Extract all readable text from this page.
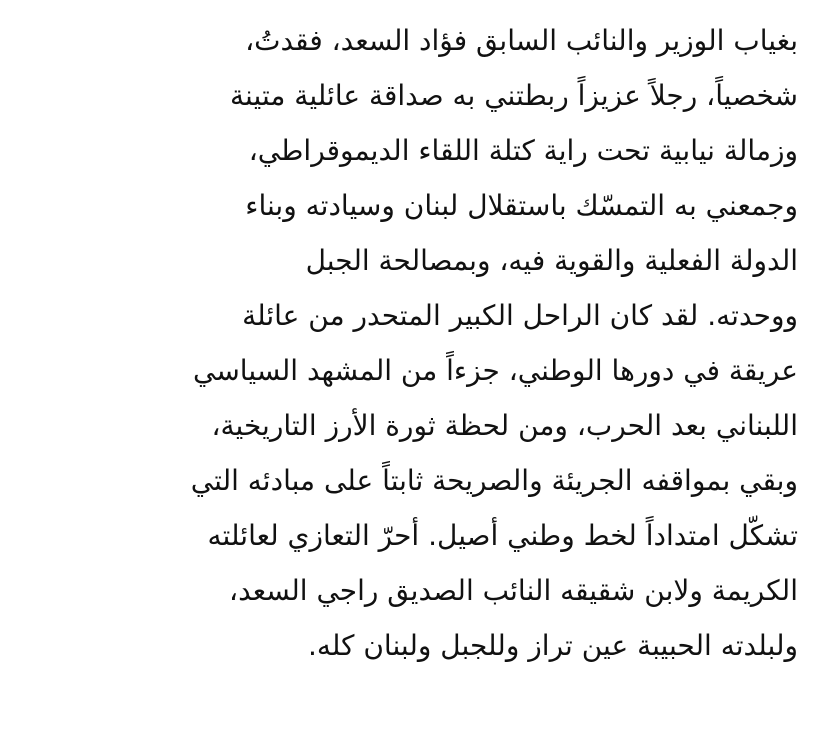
بغياب الوزير والنائب السابق فؤاد السعد، فقدتُ،
شخصياً، رجلاً عزيزاً ربطتني به صداقة عائلية متينة
وزمالة نيابية تحت راية كتلة اللقاء الديموقراطي،
وجمعني به التمسّك باستقلال لبنان وسيادته وبناء
الدولة الفعلية والقوية فيه، وبمصالحة الجبل
ووحدته. لقد كان الراحل الكبير المتحدر من عائلة
عريقة في دورها الوطني، جزءاً من المشهد السياسي
اللبناني بعد الحرب، ومن لحظة ثورة الأرز التاريخية،
وبقي بمواقفه الجريئة والصريحة ثابتاً على مبادئه التي
تشكّل امتداداً لخط وطني أصيل. أحرّ التعازي لعائلته
الكريمة ولابن شقيقه النائب الصديق راجي السعد،
ولبلدته الحبيبة عين تراز وللجبل ولبنان كله.
